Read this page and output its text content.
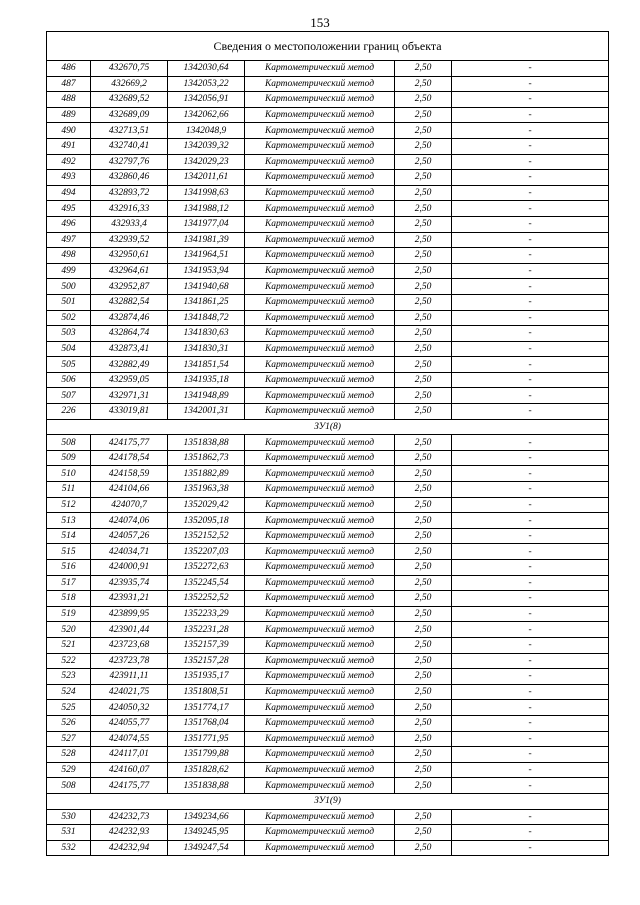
153
Сведения о местоположении границ объекта					
486	432670,75	1342030,64	Картометрический метод	2,50	-
487	432669,2	1342053,22	Картометрический метод	2,50	-
488	432689,52	1342056,91	Картометрический метод	2,50	-
489	432689,09	1342062,66	Картометрический метод	2,50	-
490	432713,51	1342048,9	Картометрический метод	2,50	-
491	432740,41	1342039,32	Картометрический метод	2,50	-
492	432797,76	1342029,23	Картометрический метод	2,50	-
493	432860,46	1342011,61	Картометрический метод	2,50	-
494	432893,72	1341998,63	Картометрический метод	2,50	-
495	432916,33	1341988,12	Картометрический метод	2,50	-
496	432933,4	1341977,04	Картометрический метод	2,50	-
497	432939,52	1341981,39	Картометрический метод	2,50	-
498	432950,61	1341964,51	Картометрический метод	2,50	-
499	432964,61	1341953,94	Картометрический метод	2,50	-
500	432952,87	1341940,68	Картометрический метод	2,50	-
501	432882,54	1341861,25	Картометрический метод	2,50	-
502	432874,46	1341848,72	Картометрический метод	2,50	-
503	432864,74	1341830,63	Картометрический метод	2,50	-
504	432873,41	1341830,31	Картометрический метод	2,50	-
505	432882,49	1341851,54	Картометрический метод	2,50	-
506	432959,05	1341935,18	Картометрический метод	2,50	-
507	432971,31	1341948,89	Картометрический метод	2,50	-
226	433019,81	1342001,31	Картометрический метод	2,50	-
ЗУ1(8)					
508	424175,77	1351838,88	Картометрический метод	2,50	-
509	424178,54	1351862,73	Картометрический метод	2,50	-
510	424158,59	1351882,89	Картометрический метод	2,50	-
511	424104,66	1351963,38	Картометрический метод	2,50	-
512	424070,7	1352029,42	Картометрический метод	2,50	-
513	424074,06	1352095,18	Картометрический метод	2,50	-
514	424057,26	1352152,52	Картометрический метод	2,50	-
515	424034,71	1352207,03	Картометрический метод	2,50	-
516	424000,91	1352272,63	Картометрический метод	2,50	-
517	423935,74	1352245,54	Картометрический метод	2,50	-
518	423931,21	1352252,52	Картометрический метод	2,50	-
519	423899,95	1352233,29	Картометрический метод	2,50	-
520	423901,44	1352231,28	Картометрический метод	2,50	-
521	423723,68	1352157,39	Картометрический метод	2,50	-
522	423723,78	1352157,28	Картометрический метод	2,50	-
523	423911,11	1351935,17	Картометрический метод	2,50	-
524	424021,75	1351808,51	Картометрический метод	2,50	-
525	424050,32	1351774,17	Картометрический метод	2,50	-
526	424055,77	1351768,04	Картометрический метод	2,50	-
527	424074,55	1351771,95	Картометрический метод	2,50	-
528	424117,01	1351799,88	Картометрический метод	2,50	-
529	424160,07	1351828,62	Картометрический метод	2,50	-
508	424175,77	1351838,88	Картометрический метод	2,50	-
ЗУ1(9)					
530	424232,73	1349234,66	Картометрический метод	2,50	-
531	424232,93	1349245,95	Картометрический метод	2,50	-
532	424232,94	1349247,54	Картометрический метод	2,50	-
